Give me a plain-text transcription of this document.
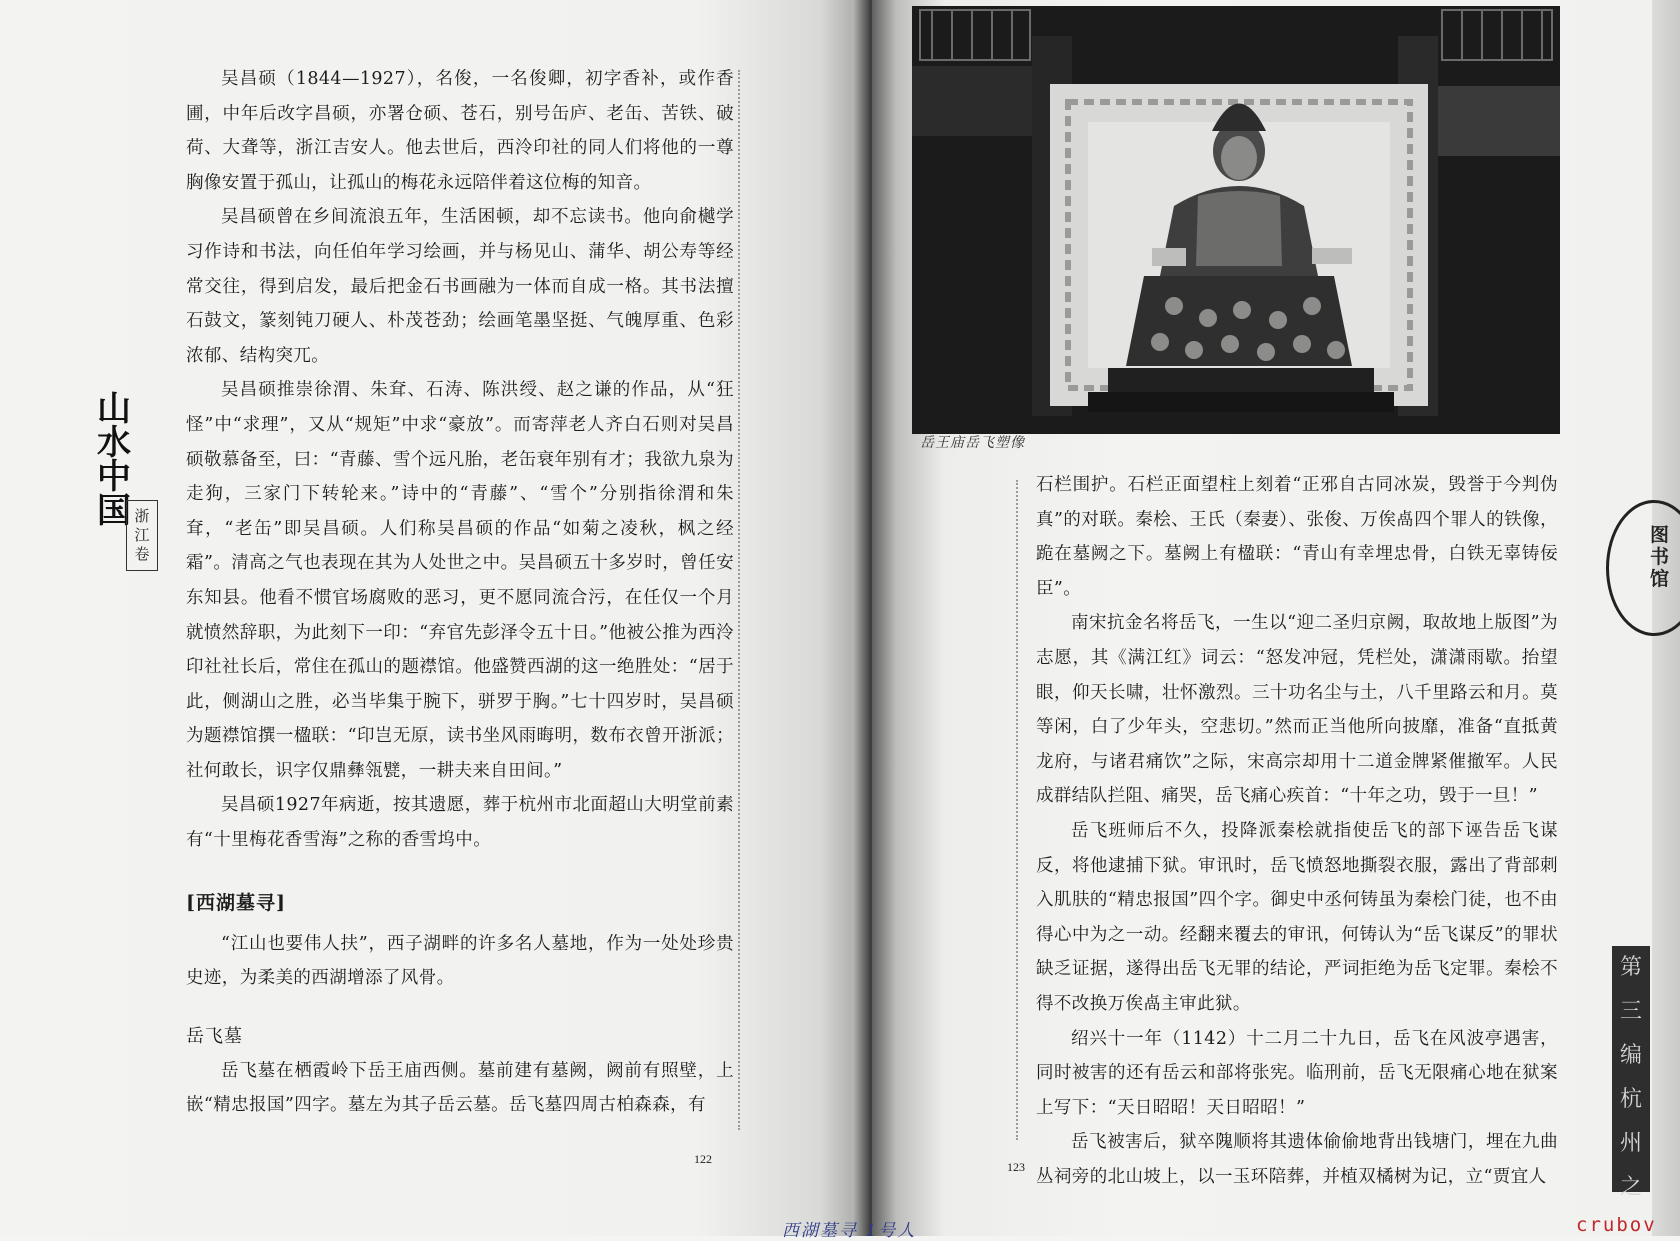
山
水
中
国 浙
江
卷

吴昌硕（1844—1927），名俊，一名俊卿，初字香补，或作香圃，中年后改字昌硕，亦署仓硕、苍石，别号缶庐、老缶、苦铁、破荷、大聋等，浙江吉安人。他去世后，西泠印社的同人们将他的一尊胸像安置于孤山，让孤山的梅花永远陪伴着这位梅的知音。

吴昌硕曾在乡间流浪五年，生活困顿，却不忘读书。他向俞樾学习作诗和书法，向任伯年学习绘画，并与杨见山、蒲华、胡公寿等经常交往，得到启发，最后把金石书画融为一体而自成一格。其书法擅石鼓文，篆刻钝刀硬人、朴茂苍劲；绘画笔墨坚挺、气魄厚重、色彩浓郁、结构突兀。

吴昌硕推崇徐渭、朱耷、石涛、陈洪绶、赵之谦的作品，从“狂怪”中“求理”，又从“规矩”中求“豪放”。而寄萍老人齐白石则对吴昌硕敬慕备至，曰：“青藤、雪个远凡胎，老缶衰年别有才；我欲九泉为走狗，三家门下转轮来。”诗中的“青藤”、“雪个”分别指徐渭和朱耷，“老缶”即吴昌硕。人们称吴昌硕的作品“如菊之凌秋，枫之经霜”。清高之气也表现在其为人处世之中。吴昌硕五十多岁时，曾任安东知县。他看不惯官场腐败的恶习，更不愿同流合污，在任仅一个月就愤然辞职，为此刻下一印：“弃官先彭泽令五十日。”他被公推为西泠印社社长后，常住在孤山的题襟馆。他盛赞西湖的这一绝胜处：“居于此，侧湖山之胜，必当毕集于腕下，骈罗于胸。”七十四岁时，吴昌硕为题襟馆撰一楹联：“印岂无原，读书坐风雨晦明，数布衣曾开浙派；社何敢长，识字仅鼎彝瓴甓，一耕夫来自田间。”

吴昌硕1927年病逝，按其遗愿，葬于杭州市北面超山大明堂前素有“十里梅花香雪海”之称的香雪坞中。

[西湖墓寻]

“江山也要伟人扶”，西子湖畔的许多名人墓地，作为一处处珍贵史迹，为柔美的西湖增添了风骨。

岳飞墓

岳飞墓在栖霞岭下岳王庙西侧。墓前建有墓阙，阙前有照壁，上嵌“精忠报国”四字。墓左为其子岳云墓。岳飞墓四周古柏森森，有

122
岳王庙岳飞塑像

石栏围护。石栏正面望柱上刻着“正邪自古同冰炭，毁誉于今判伪真”的对联。秦桧、王氏（秦妻）、张俊、万俟卨四个罪人的铁像，跪在墓阙之下。墓阙上有楹联：“青山有幸埋忠骨，白铁无辜铸佞臣”。

南宋抗金名将岳飞，一生以“迎二圣归京阙，取故地上版图”为志愿，其《满江红》词云：“怒发冲冠，凭栏处，潇潇雨歇。抬望眼，仰天长啸，壮怀激烈。三十功名尘与土，八千里路云和月。莫等闲，白了少年头，空悲切。”然而正当他所向披靡，准备“直抵黄龙府，与诸君痛饮”之际，宋高宗却用十二道金牌紧催撤军。人民成群结队拦阻、痛哭，岳飞痛心疾首：“十年之功，毁于一旦！”

岳飞班师后不久，投降派秦桧就指使岳飞的部下诬告岳飞谋反，将他逮捕下狱。审讯时，岳飞愤怒地撕裂衣服，露出了背部刺入肌肤的“精忠报国”四个字。御史中丞何铸虽为秦桧门徒，也不由得心中为之一动。经翻来覆去的审讯，何铸认为“岳飞谋反”的罪状缺乏证据，遂得出岳飞无罪的结论，严词拒绝为岳飞定罪。秦桧不得不改换万俟卨主审此狱。

绍兴十一年（1142）十二月二十九日，岳飞在风波亭遇害，同时被害的还有岳云和部将张宪。临刑前，岳飞无限痛心地在狱案上写下：“天日昭昭！天日昭昭！”

岳飞被害后，狱卒隗顺将其遗体偷偷地背出钱塘门，埋在九曲丛祠旁的北山坡上，以一玉环陪葬，并植双橘树为记，立“贾宜人

123
图
书
馆
第
三
编
杭
州
之
西湖墓寻 1号人	crubov
